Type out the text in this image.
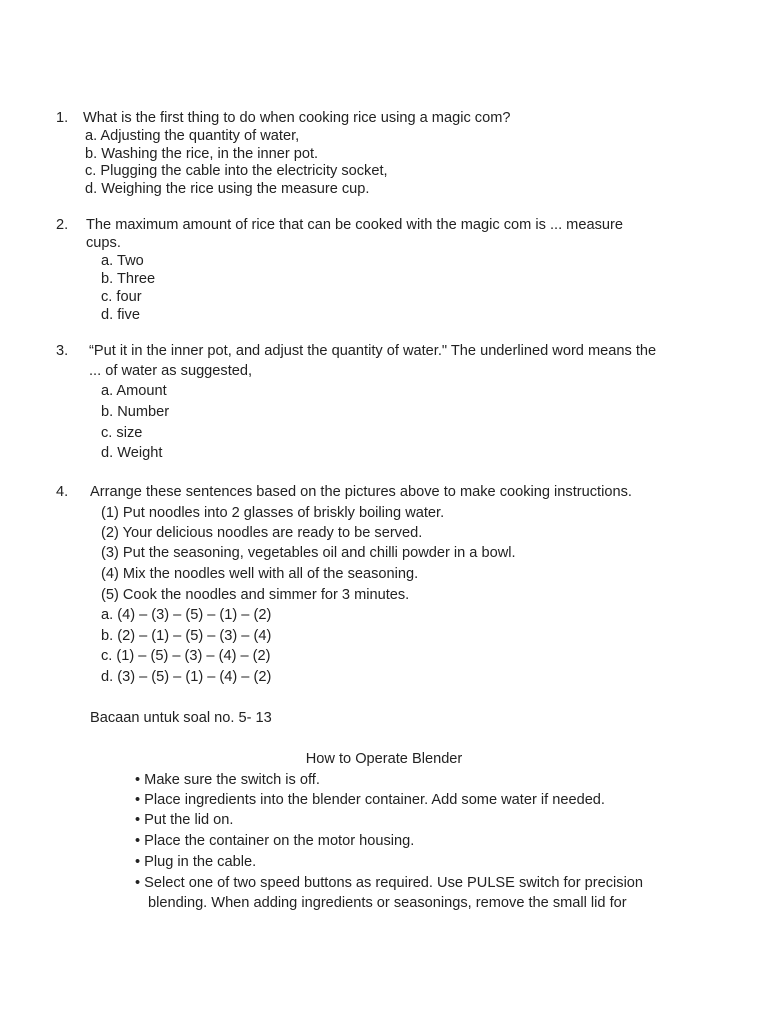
1. What is the first thing to do when cooking rice using a magic com?
a. Adjusting the quantity of water,
b. Washing the rice, in the inner pot.
c. Plugging the cable into the electricity socket,
d. Weighing the rice using the measure cup.
2. The maximum amount of rice that can be cooked with the magic com is ... measure
cups.
a. Two
b. Three
c. four
d. five
3. “Put it in the inner pot, and adjust the quantity of water." The underlined word means the
... of water as suggested,
a. Amount
b. Number
c. size
d. Weight
4. Arrange these sentences based on the pictures above to make cooking instructions.
(1) Put noodles into 2 glasses of briskly boiling water.
(2) Your delicious noodles are ready to be served.
(3) Put the seasoning, vegetables oil and chilli powder in a bowl.
(4) Mix the noodles well with all of the seasoning.
(5) Cook the noodles and simmer for 3 minutes.
a. (4) – (3) – (5) – (1) – (2)
b. (2) – (1) – (5) – (3) – (4)
c. (1) – (5) – (3) – (4) – (2)
d. (3) – (5) – (1) – (4) – (2)
Bacaan untuk soal no. 5- 13
How to Operate Blender
• Make sure the switch is off.
• Place ingredients into the blender container. Add some water if needed.
• Put the lid on.
• Place the container on the motor housing.
• Plug in the cable.
• Select one of two speed buttons as required. Use PULSE switch for precision
blending. When adding ingredients or seasonings, remove the small lid for
